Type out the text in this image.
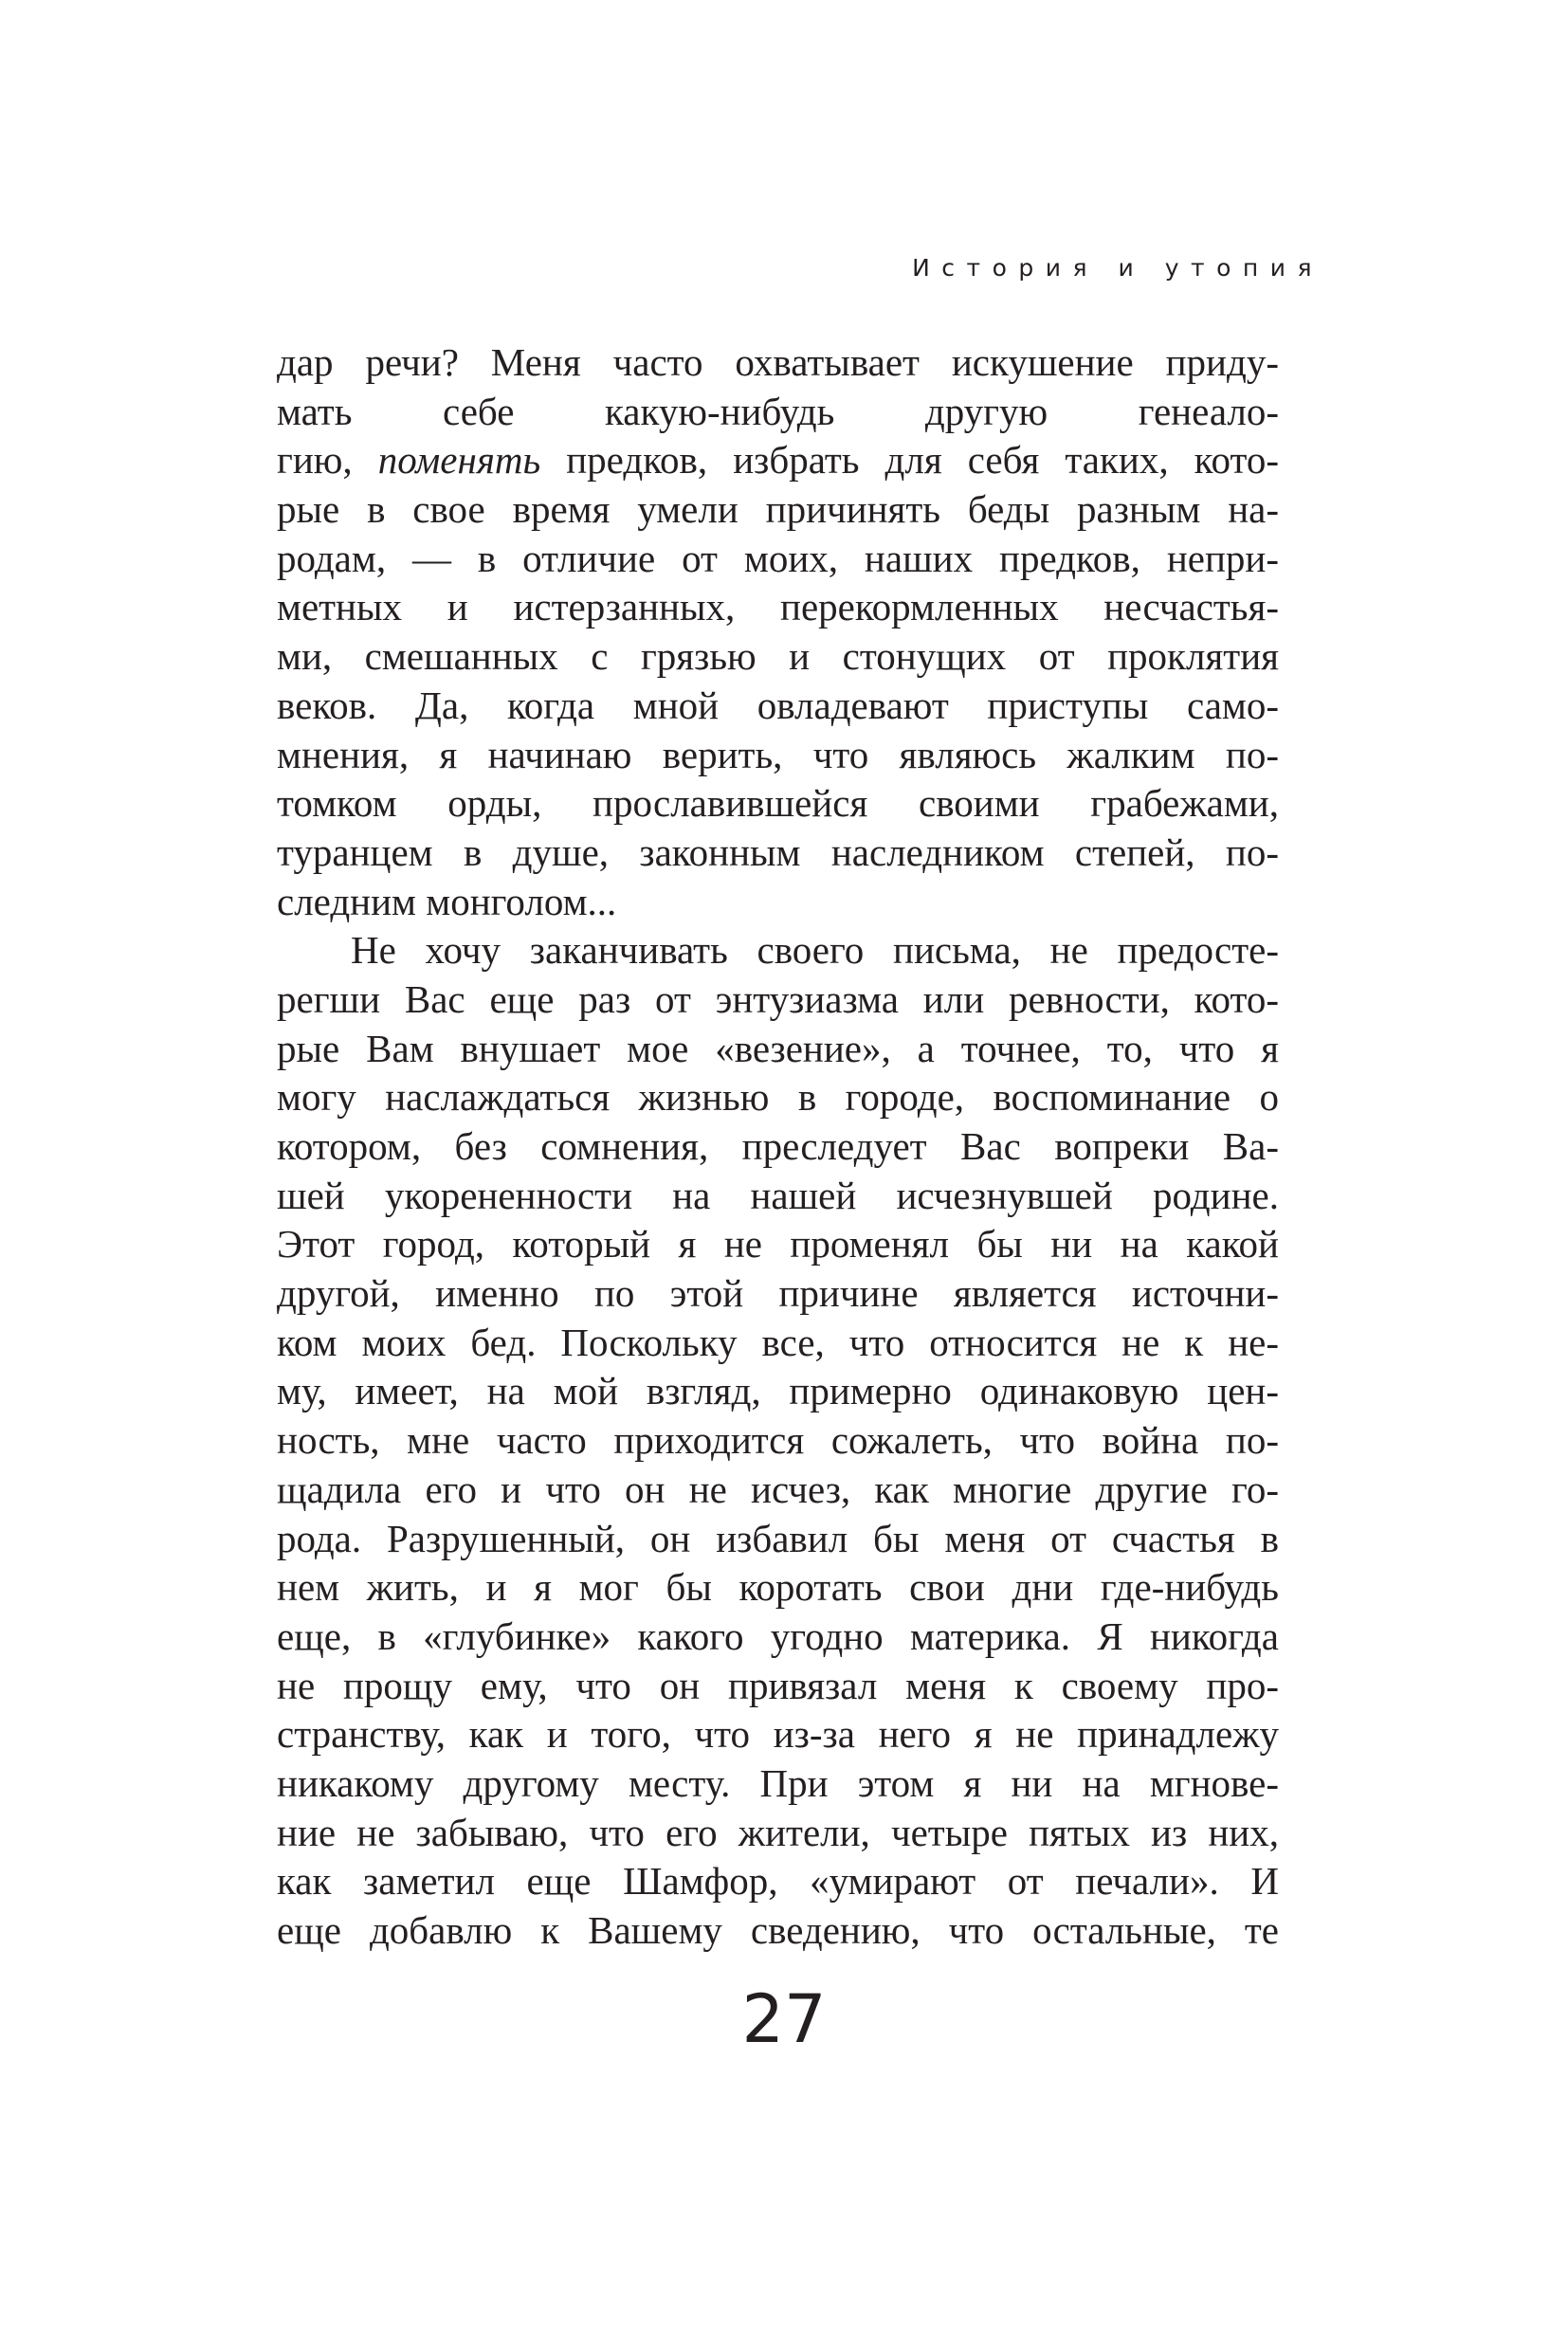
История и утопия
дар речи? Меня часто охватывает искушение приду-
мать себе какую-нибудь другую генеало-
гию, поменять предков, избрать для себя таких, кото-
рые в свое время умели причинять беды разным на-
родам, — в отличие от моих, наших предков, непри-
метных и истерзанных, перекормленных несчастья-
ми, смешанных с грязью и стонущих от проклятия
веков. Да, когда мной овладевают приступы само-
мнения, я начинаю верить, что являюсь жалким по-
томком орды, прославившейся своими грабежами,
туранцем в душе, законным наследником степей, по-
следним монголом...
Не хочу заканчивать своего письма, не предосте-
регши Вас еще раз от энтузиазма или ревности, кото-
рые Вам внушает мое «везение», а точнее, то, что я
могу наслаждаться жизнью в городе, воспоминание о
котором, без сомнения, преследует Вас вопреки Ва-
шей укорененности на нашей исчезнувшей родине.
Этот город, который я не променял бы ни на какой
другой, именно по этой причине является источни-
ком моих бед. Поскольку все, что относится не к не-
му, имеет, на мой взгляд, примерно одинаковую цен-
ность, мне часто приходится сожалеть, что война по-
щадила его и что он не исчез, как многие другие го-
рода. Разрушенный, он избавил бы меня от счастья в
нем жить, и я мог бы коротать свои дни где-нибудь
еще, в «глубинке» какого угодно материка. Я никогда
не прощу ему, что он привязал меня к своему про-
странству, как и того, что из-за него я не принадлежу
никакому другому месту. При этом я ни на мгнове-
ние не забываю, что его жители, четыре пятых из них,
как заметил еще Шамфор, «умирают от печали». И
еще добавлю к Вашему сведению, что остальные, те
27
